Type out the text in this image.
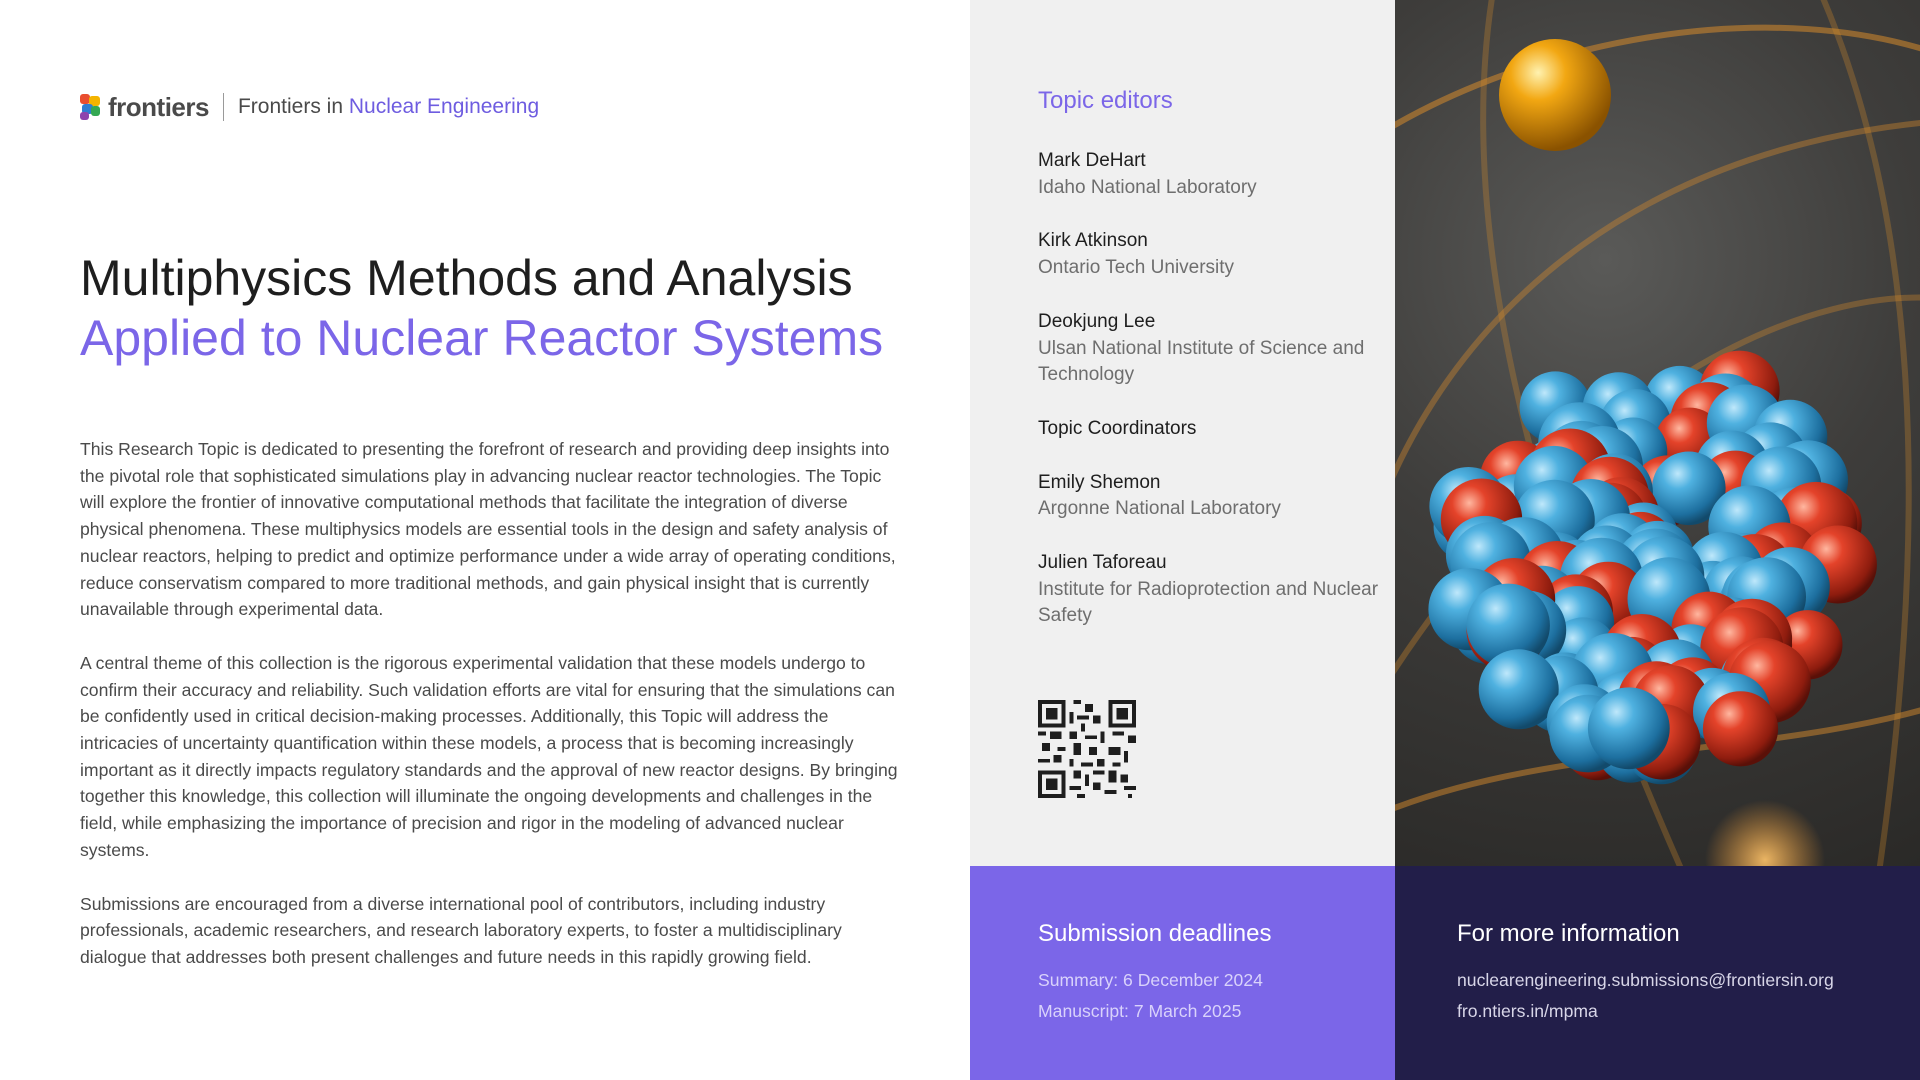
frontiers Frontiers in Nuclear Engineering
Multiphysics Methods and Analysis
Applied to Nuclear Reactor Systems

This Research Topic is dedicated to presenting the forefront of research and providing deep insights into the pivotal role that sophisticated simulations play in advancing nuclear reactor technologies. The Topic will explore the frontier of innovative computational methods that facilitate the integration of diverse physical phenomena. These multiphysics models are essential tools in the design and safety analysis of nuclear reactors, helping to predict and optimize performance under a wide array of operating conditions, reduce conservatism compared to more traditional methods, and gain physical insight that is currently unavailable through experimental data.

A central theme of this collection is the rigorous experimental validation that these models undergo to confirm their accuracy and reliability. Such validation efforts are vital for ensuring that the simulations can be confidently used in critical decision-making processes. Additionally, this Topic will address the intricacies of uncertainty quantification within these models, a process that is becoming increasingly important as it directly impacts regulatory standards and the approval of new reactor designs. By bringing together this knowledge, this collection will illuminate the ongoing developments and challenges in the field, while emphasizing the importance of precision and rigor in the modeling of advanced nuclear systems.

Submissions are encouraged from a diverse international pool of contributors, including industry professionals, academic researchers, and research laboratory experts, to foster a multidisciplinary dialogue that addresses both present challenges and future needs in this rapidly growing field.

Topic editors
Mark DeHart
Idaho National Laboratory
Kirk Atkinson
Ontario Tech University
Deokjung Lee
Ulsan National Institute of Science and Technology
Topic Coordinators
Emily Shemon
Argonne National Laboratory
Julien Taforeau
Institute for Radioprotection and Nuclear Safety
Submission deadlines
Summary: 6 December 2024
Manuscript: 7 March 2025
For more information
nuclearengineering.submissions@frontiersin.org
fro.ntiers.in/mpma
